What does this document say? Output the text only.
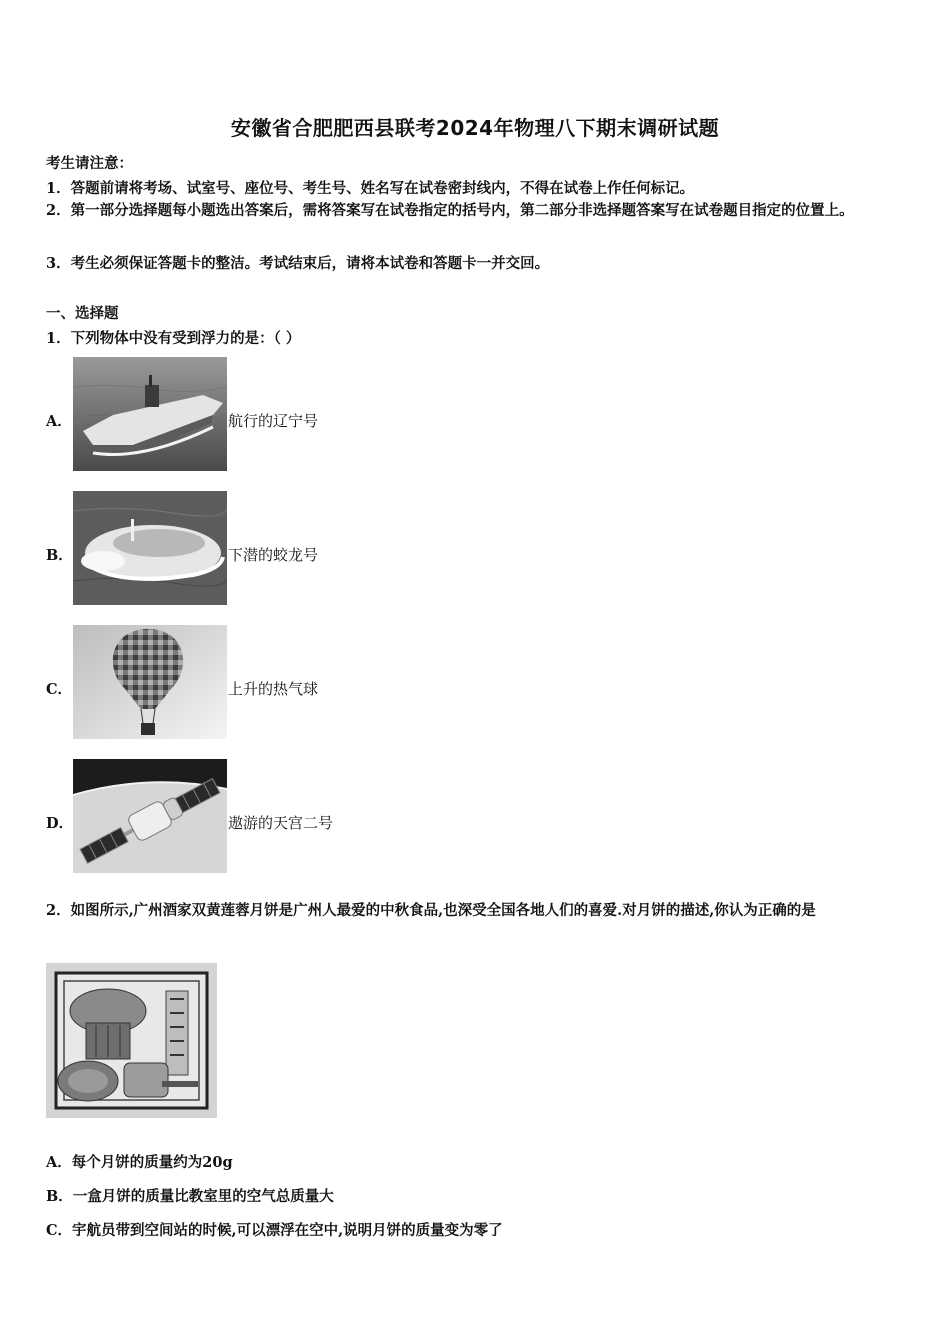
安徽省合肥肥西县联考2024年物理八下期末调研试题
考生请注意：
1．答题前请将考场、试室号、座位号、考生号、姓名写在试卷密封线内，不得在试卷上作任何标记。
2．第一部分选择题每小题选出答案后，需将答案写在试卷指定的括号内，第二部分非选择题答案写在试卷题目指定的位置上。
3．考生必须保证答题卡的整洁。考试结束后，请将本试卷和答题卡一并交回。
一、选择题
1．下列物体中没有受到浮力的是：（ ）
A．	航行的辽宁号
B．	下潜的蛟龙号
C．	上升的热气球
D．	遨游的天宫二号
2．如图所示,广州酒家双黄莲蓉月饼是广州人最爱的中秋食品,也深受全国各地人们的喜爱.对月饼的描述,你认为正确的是
A．每个月饼的质量约为20g
B．一盒月饼的质量比教室里的空气总质量大
C．宇航员带到空间站的时候,可以漂浮在空中,说明月饼的质量变为零了
